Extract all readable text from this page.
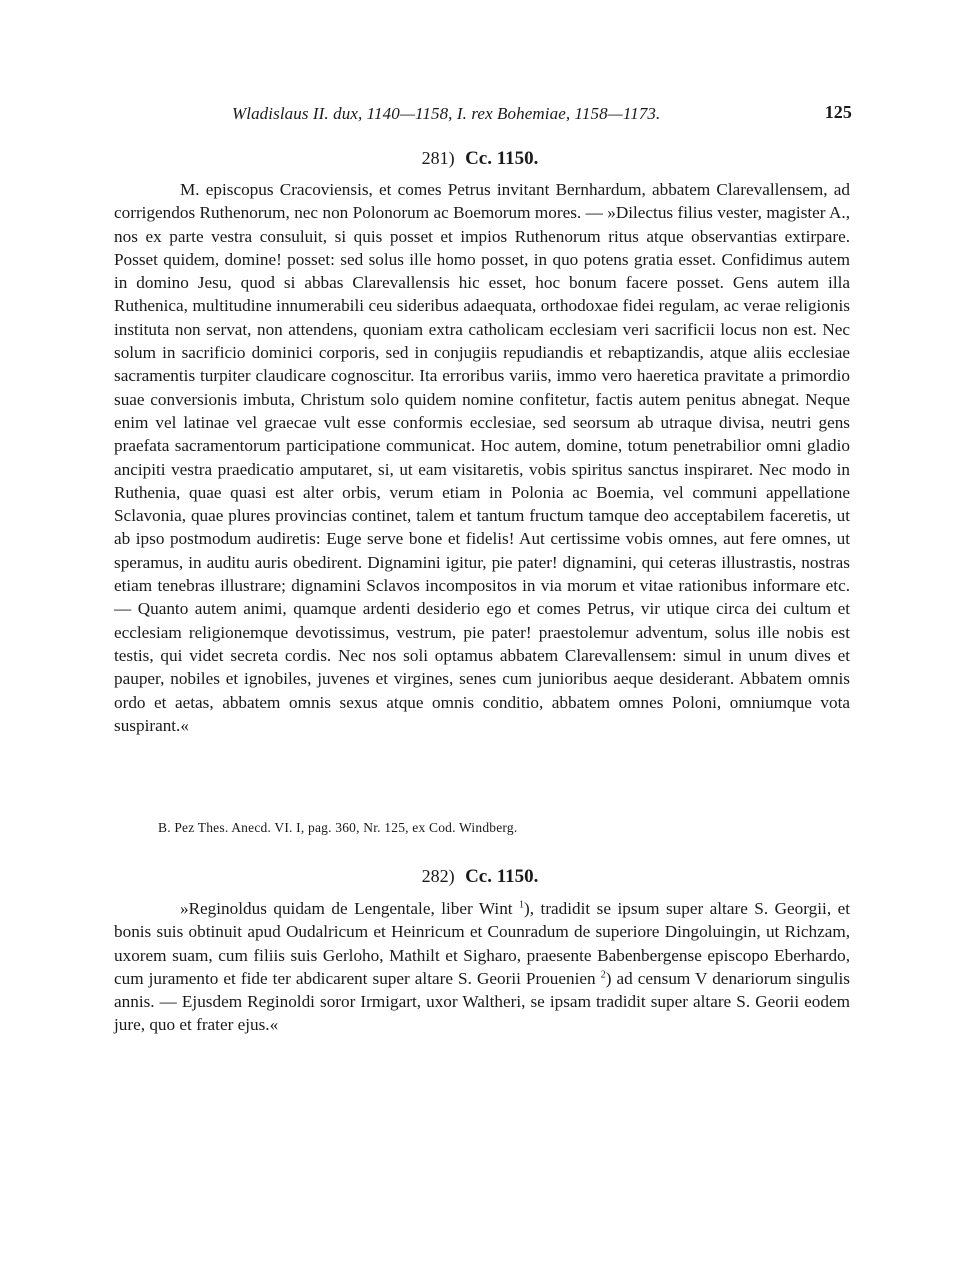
Wladislaus II. dux, 1140—1158, I. rex Bohemiae, 1158—1173.	125
281) Cc. 1150.

M. episcopus Cracoviensis, et comes Petrus invitant Bernhardum, abbatem Clarevallensem, ad corrigendos Ruthenorum, nec non Polonorum ac Boemorum mores. — »Dilectus filius vester, magister A., nos ex parte vestra consuluit, si quis posset et impios Ruthenorum ritus atque observantias extirpare. Posset quidem, domine! posset: sed solus ille homo posset, in quo potens gratia esset. Confidimus autem in domino Jesu, quod si abbas Clarevallensis hic esset, hoc bonum facere posset. Gens autem illa Ruthenica, multitudine innumerabili ceu sideribus adaequata, orthodoxae fidei regulam, ac verae religionis instituta non servat, non attendens, quoniam extra catholicam ecclesiam veri sacrificii locus non est. Nec solum in sacrificio dominici corporis, sed in conjugiis repudiandis et rebaptizandis, atque aliis ecclesiae sacramentis turpiter claudicare cognoscitur. Ita erroribus variis, immo vero haeretica pravitate a primordio suae conversionis imbuta, Christum solo quidem nomine confitetur, factis autem penitus abnegat. Neque enim vel latinae vel graecae vult esse conformis ecclesiae, sed seorsum ab utraque divisa, neutri gens praefata sacramentorum participatione communicat. Hoc autem, domine, totum penetrabilior omni gladio ancipiti vestra praedicatio amputaret, si, ut eam visitaretis, vobis spiritus sanctus inspiraret. Nec modo in Ruthenia, quae quasi est alter orbis, verum etiam in Polonia ac Boemia, vel communi appellatione Sclavonia, quae plures provincias continet, talem et tantum fructum tamque deo acceptabilem faceretis, ut ab ipso postmodum audiretis: Euge serve bone et fidelis! Aut certissime vobis omnes, aut fere omnes, ut speramus, in auditu auris obedirent. Dignamini igitur, pie pater! dignamini, qui ceteras illustrastis, nostras etiam tenebras illustrare; dignamini Sclavos incompositos in via morum et vitae rationibus informare etc. — Quanto autem animi, quamque ardenti desiderio ego et comes Petrus, vir utique circa dei cultum et ecclesiam religionemque devotissimus, vestrum, pie pater! praestolemur adventum, solus ille nobis est testis, qui videt secreta cordis. Nec nos soli optamus abbatem Clarevallensem: simul in unum dives et pauper, nobiles et ignobiles, juvenes et virgines, senes cum junioribus aeque desiderant. Abbatem omnis ordo et aetas, abbatem omnis sexus atque omnis conditio, abbatem omnes Poloni, omniumque vota suspirant.«

B. Pez Thes. Anecd. VI. I, pag. 360, Nr. 125, ex Cod. Windberg.
282) Cc. 1150.

»Reginoldus quidam de Lengentale, liber Wint $^1$), tradidit se ipsum super altare S. Georgii, et bonis suis obtinuit apud Oudalricum et Heinricum et Counradum de superiore Dingoluingin, ut Richzam, uxorem suam, cum filiis suis Gerloho, Mathilt et Sigharo, praesente Babenbergense episcopo Eberhardo, cum juramento et fide ter abdicarent super altare S. Georii Prouenien $^2$) ad censum V denariorum singulis annis. — Ejusdem Reginoldi soror Irmigart, uxor Waltheri, se ipsam tradidit super altare S. Georii eodem jure, quo et frater ejus.«
